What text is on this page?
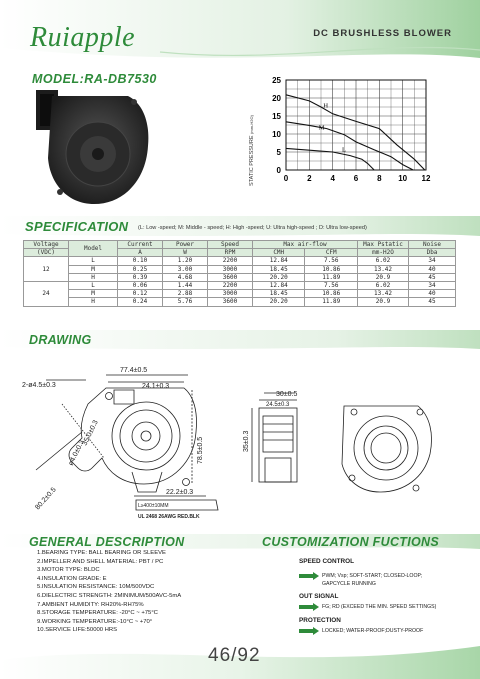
Ruiapple	DC BRUSHLESS BLOWER
MODEL:RA-DB7530	25
20
15
10
5
0
0 2 4 6 8 10 12
H
M
L
STATIC PRESSURE (mm-H2O)
SPECIFICATION (L: Low -speed; M: Middle - speed; H: High -speed; U: Ultra high-speed ; D: Ultra low-speed)
Voltage	Model	Current	Power	Speed	Max air-flow		Max Pstatic	Noise
(VDC)		A	W	RPM	CMH	CFM	mm-H2O	Dba
12	L	0.10	1.20	2200	12.84	7.56	6.02	34
	M	0.25	3.00	3000	18.45	10.86	13.42	40
	H	0.39	4.68	3600	20.20	11.89	20.9	45
24	L	0.06	1.44	2200	12.84	7.56	6.02	34
	M	0.12	2.88	3000	18.45	10.86	13.42	40
	H	0.24	5.76	3600	20.20	11.89	20.9	45
DRAWING
77.4±0.5
2-ø4.5±0.3	24.1±0.3
ø4.0±0.3
35.0±0.3
78.5±0.5
80.2±0.5	22.2±0.3
30±0.5
24.5±0.3
35±0.3
L≥400±10MM
UL 2468 26AWG RED.BLK
GENERAL DESCRIPTION	CUSTOMIZATION FUCTIONS
1.BEARING TYPE: BALL BEARING OR SLEEVE
2.IMPELLER AND SHELL MATERIAL: PBT / PC
3.MOTOR TYPE: BLDC
4.INSULATION GRADE: E
5.INSULATION RESISTANCE: 10M/500VDC
6.DIELECTRIC STRENGTH: 2MINIMUM/500AVC-5mA
7.AMBIENT HUMIDITY: RH20%-RH75%
8.STORAGE TEMPERATURE: -20°C ~ +75°C
9.WORKING TEMPERATURE:-10°C ~ +70°
10.SERVICE LIFE:50000 HRS
SPEED CONTROL
PWM; Vsp; SOFT-START; CLOSED-LOOP;
GAPCYCLE RUNNING
OUT SIGNAL
FG; RD (EXCEED THE MIN. SPEED SETTINGS)
PROTECTION
LOCKED; WATER-PROOF;DUSTY-PROOF
46/92
